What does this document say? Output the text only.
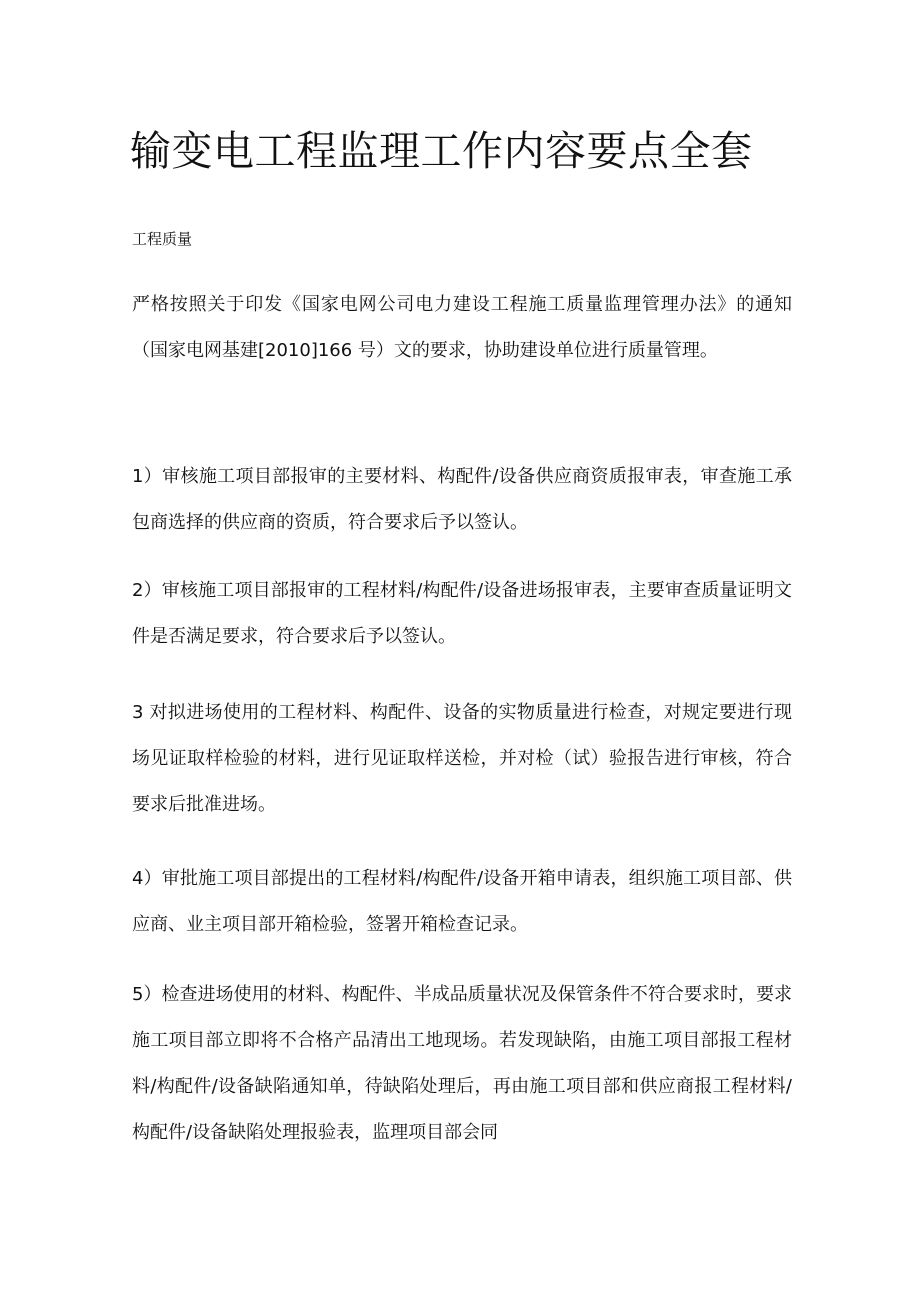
输变电工程监理工作内容要点全套

工程质量

严格按照关于印发《国家电网公司电力建设工程施工质量监理管理办法》的通知（国家电网基建[2010]166 号）文的要求，协助建设单位进行质量管理。

1）审核施工项目部报审的主要材料、构配件/设备供应商资质报审表，审查施工承包商选择的供应商的资质，符合要求后予以签认。

2）审核施工项目部报审的工程材料/构配件/设备进场报审表，主要审查质量证明文件是否满足要求，符合要求后予以签认。

3 对拟进场使用的工程材料、构配件、设备的实物质量进行检查，对规定要进行现场见证取样检验的材料，进行见证取样送检，并对检（试）验报告进行审核，符合要求后批准进场。

4）审批施工项目部提出的工程材料/构配件/设备开箱申请表，组织施工项目部、供应商、业主项目部开箱检验，签署开箱检查记录。

5）检查进场使用的材料、构配件、半成品质量状况及保管条件不符合要求时，要求施工项目部立即将不合格产品清出工地现场。若发现缺陷，由施工项目部报工程材料/构配件/设备缺陷通知单，待缺陷处理后，再由施工项目部和供应商报工程材料/构配件/设备缺陷处理报验表，监理项目部会同
